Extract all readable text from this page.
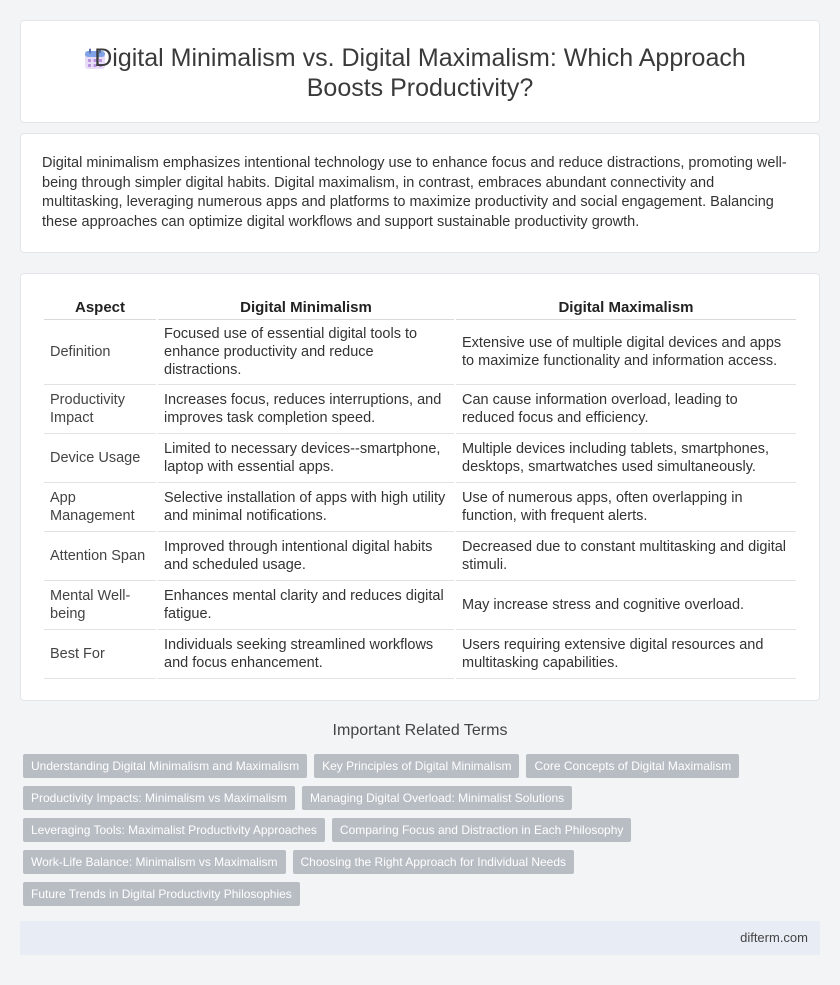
Digital Minimalism vs. Digital Maximalism: Which Approach Boosts Productivity?

Digital minimalism emphasizes intentional technology use to enhance focus and reduce distractions, promoting well-being through simpler digital habits. Digital maximalism, in contrast, embraces abundant connectivity and multitasking, leveraging numerous apps and platforms to maximize productivity and social engagement. Balancing these approaches can optimize digital workflows and support sustainable productivity growth.

Aspect	Digital Minimalism	Digital Maximalism
Definition	Focused use of essential digital tools to enhance productivity and reduce distractions.	Extensive use of multiple digital devices and apps to maximize functionality and information access.
Productivity Impact	Increases focus, reduces interruptions, and improves task completion speed.	Can cause information overload, leading to reduced focus and efficiency.
Device Usage	Limited to necessary devices--smartphone, laptop with essential apps.	Multiple devices including tablets, smartphones, desktops, smartwatches used simultaneously.
App Management	Selective installation of apps with high utility and minimal notifications.	Use of numerous apps, often overlapping in function, with frequent alerts.
Attention Span	Improved through intentional digital habits and scheduled usage.	Decreased due to constant multitasking and digital stimuli.
Mental Well-being	Enhances mental clarity and reduces digital fatigue.	May increase stress and cognitive overload.
Best For	Individuals seeking streamlined workflows and focus enhancement.	Users requiring extensive digital resources and multitasking capabilities.
Important Related Terms
Understanding Digital Minimalism and Maximalism	Key Principles of Digital Minimalism	Core Concepts of Digital Maximalism
Productivity Impacts: Minimalism vs Maximalism	Managing Digital Overload: Minimalist Solutions
Leveraging Tools: Maximalist Productivity Approaches	Comparing Focus and Distraction in Each Philosophy
Work-Life Balance: Minimalism vs Maximalism	Choosing the Right Approach for Individual Needs
Future Trends in Digital Productivity Philosophies
difterm.com
